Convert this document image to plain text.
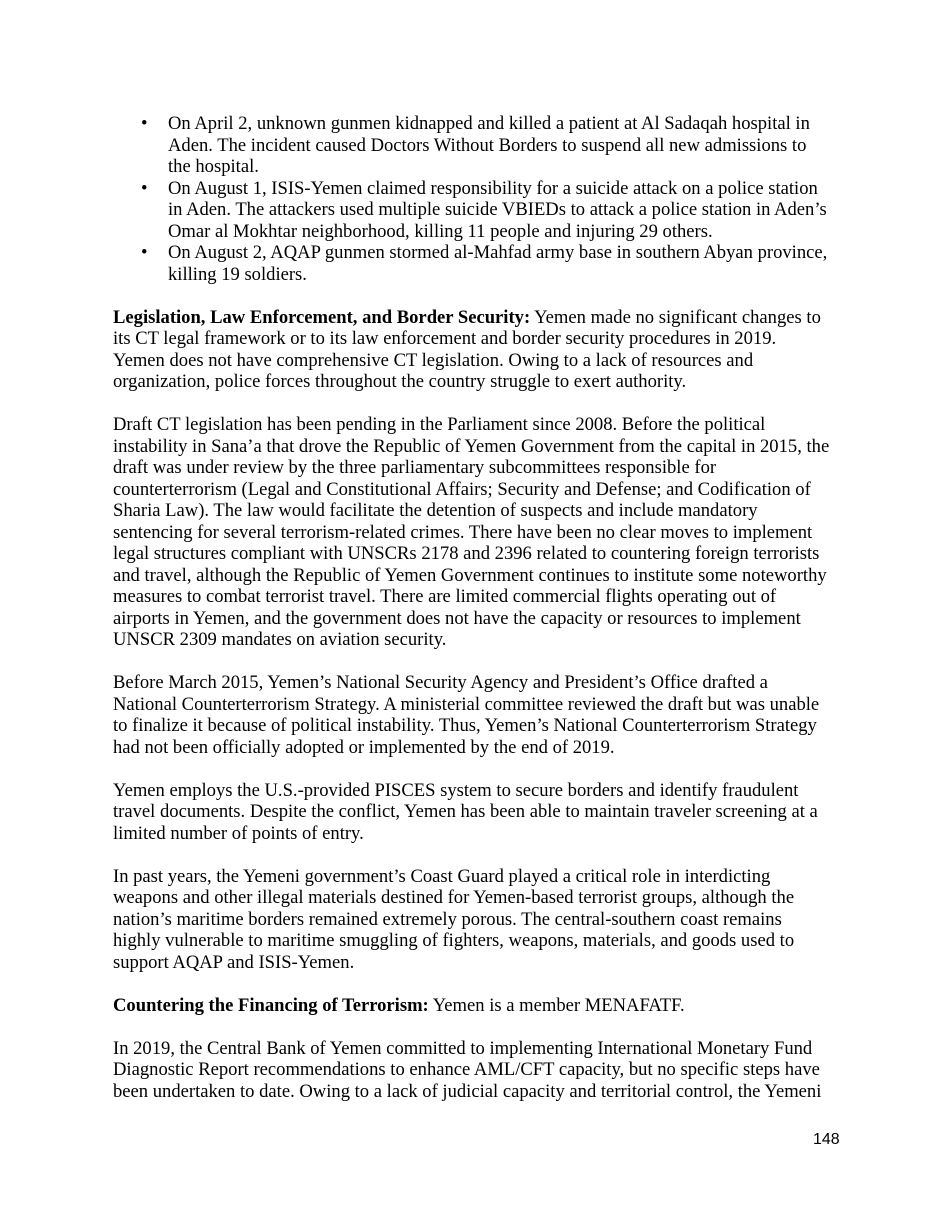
• On April 2, unknown gunmen kidnapped and killed a patient at Al Sadaqah hospital in
Aden. The incident caused Doctors Without Borders to suspend all new admissions to
the hospital.
• On August 1, ISIS-Yemen claimed responsibility for a suicide attack on a police station
in Aden. The attackers used multiple suicide VBIEDs to attack a police station in Aden’s
Omar al Mokhtar neighborhood, killing 11 people and injuring 29 others.
• On August 2, AQAP gunmen stormed al-Mahfad army base in southern Abyan province,
killing 19 soldiers.
Legislation, Law Enforcement, and Border Security: Yemen made no significant changes to
its CT legal framework or to its law enforcement and border security procedures in 2019.
Yemen does not have comprehensive CT legislation. Owing to a lack of resources and
organization, police forces throughout the country struggle to exert authority.
Draft CT legislation has been pending in the Parliament since 2008. Before the political
instability in Sana’a that drove the Republic of Yemen Government from the capital in 2015, the
draft was under review by the three parliamentary subcommittees responsible for
counterterrorism (Legal and Constitutional Affairs; Security and Defense; and Codification of
Sharia Law). The law would facilitate the detention of suspects and include mandatory
sentencing for several terrorism-related crimes. There have been no clear moves to implement
legal structures compliant with UNSCRs 2178 and 2396 related to countering foreign terrorists
and travel, although the Republic of Yemen Government continues to institute some noteworthy
measures to combat terrorist travel. There are limited commercial flights operating out of
airports in Yemen, and the government does not have the capacity or resources to implement
UNSCR 2309 mandates on aviation security.
Before March 2015, Yemen’s National Security Agency and President’s Office drafted a
National Counterterrorism Strategy. A ministerial committee reviewed the draft but was unable
to finalize it because of political instability. Thus, Yemen’s National Counterterrorism Strategy
had not been officially adopted or implemented by the end of 2019.
Yemen employs the U.S.-provided PISCES system to secure borders and identify fraudulent
travel documents. Despite the conflict, Yemen has been able to maintain traveler screening at a
limited number of points of entry.
In past years, the Yemeni government’s Coast Guard played a critical role in interdicting
weapons and other illegal materials destined for Yemen-based terrorist groups, although the
nation’s maritime borders remained extremely porous. The central-southern coast remains
highly vulnerable to maritime smuggling of fighters, weapons, materials, and goods used to
support AQAP and ISIS-Yemen.
Countering the Financing of Terrorism: Yemen is a member MENAFATF.
In 2019, the Central Bank of Yemen committed to implementing International Monetary Fund
Diagnostic Report recommendations to enhance AML/CFT capacity, but no specific steps have
been undertaken to date. Owing to a lack of judicial capacity and territorial control, the Yemeni
148
